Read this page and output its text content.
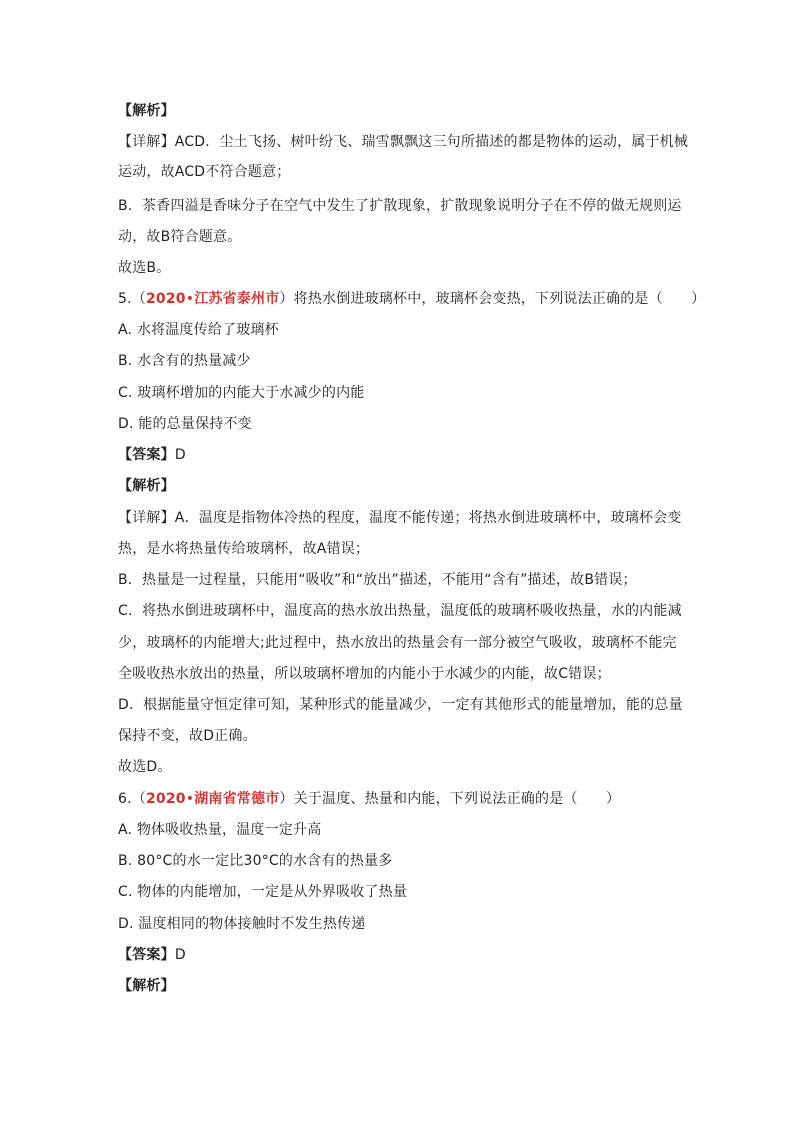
【解析】
【详解】ACD．尘土飞扬、树叶纷飞、瑞雪飘飘这三句所描述的都是物体的运动，属于机械
运动，故ACD不符合题意；
B．茶香四溢是香味分子在空气中发生了扩散现象，扩散现象说明分子在不停的做无规则运
动，故B符合题意。
故选B。
5.（2020•江苏省泰州市）将热水倒进玻璃杯中，玻璃杯会变热，下列说法正确的是（　　）
A. 水将温度传给了玻璃杯
B. 水含有的热量减少
C. 玻璃杯增加的内能大于水减少的内能
D. 能的总量保持不变
【答案】D
【解析】
【详解】A．温度是指物体冷热的程度，温度不能传递；将热水倒进玻璃杯中，玻璃杯会变
热，是水将热量传给玻璃杯，故A错误；
B．热量是一过程量，只能用“吸收”和“放出”描述，不能用“含有”描述，故B错误；
C．将热水倒进玻璃杯中，温度高的热水放出热量，温度低的玻璃杯吸收热量，水的内能减
少，玻璃杯的内能增大;此过程中，热水放出的热量会有一部分被空气吸收，玻璃杯不能完
全吸收热水放出的热量，所以玻璃杯增加的内能小于水减少的内能，故C错误；
D．根据能量守恒定律可知，某种形式的能量减少，一定有其他形式的能量增加，能的总量
保持不变，故D正确。
故选D。
6.（2020•湖南省常德市）关于温度、热量和内能，下列说法正确的是（　　）
A. 物体吸收热量，温度一定升高
B. 80°C的水一定比30°C的水含有的热量多
C. 物体的内能增加，一定是从外界吸收了热量
D. 温度相同的物体接触时不发生热传递
【答案】D
【解析】
